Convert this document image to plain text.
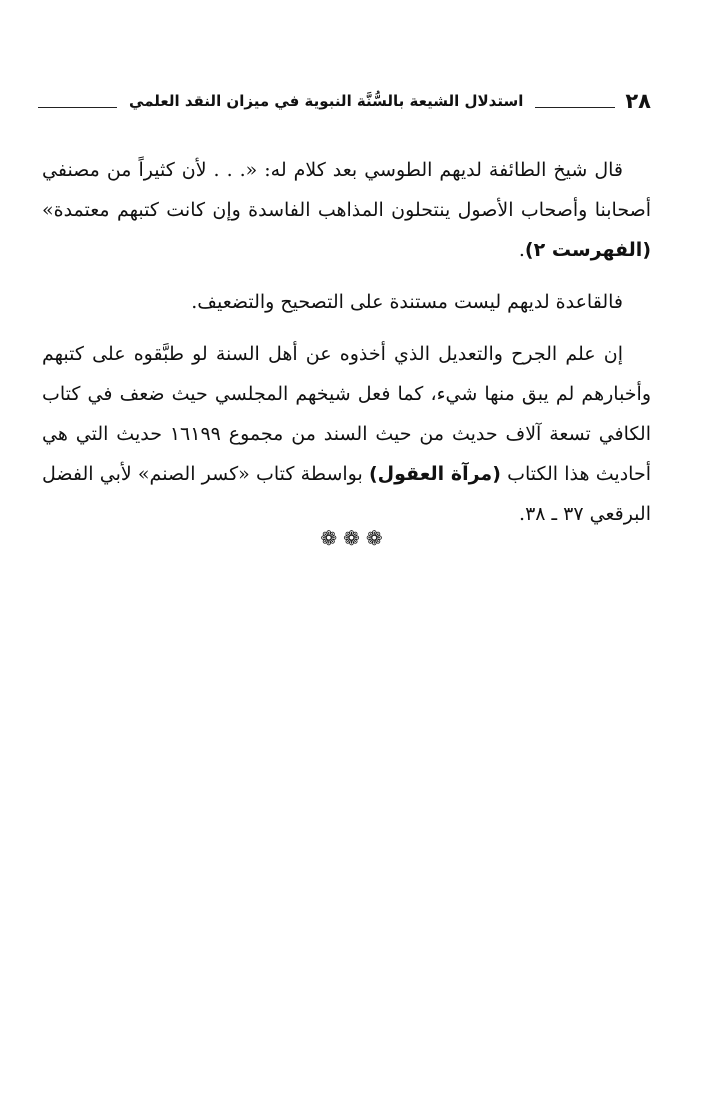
٢٨
استدلال الشيعة بالسُّنَّة النبوية في ميزان النقد العلمي

قال شيخ الطائفة لديهم الطوسي بعد كلام له: «. . . لأن كثيراً من مصنفي أصحابنا وأصحاب الأصول ينتحلون المذاهب الفاسدة وإن كانت كتبهم معتمدة» (الفهرست ٢).

فالقاعدة لديهم ليست مستندة على التصحيح والتضعيف.

إن علم الجرح والتعديل الذي أخذوه عن أهل السنة لو طبَّقوه على كتبهم وأخبارهم لم يبق منها شيء، كما فعل شيخهم المجلسي حيث ضعف في كتاب الكافي تسعة آلاف حديث من حيث السند من مجموع ١٦١٩٩ حديث التي هي أحاديث هذا الكتاب (مرآة العقول) بواسطة كتاب «كسر الصنم» لأبي الفضل البرقعي ٣٧ ـ ٣٨.

❁ ❁ ❁
